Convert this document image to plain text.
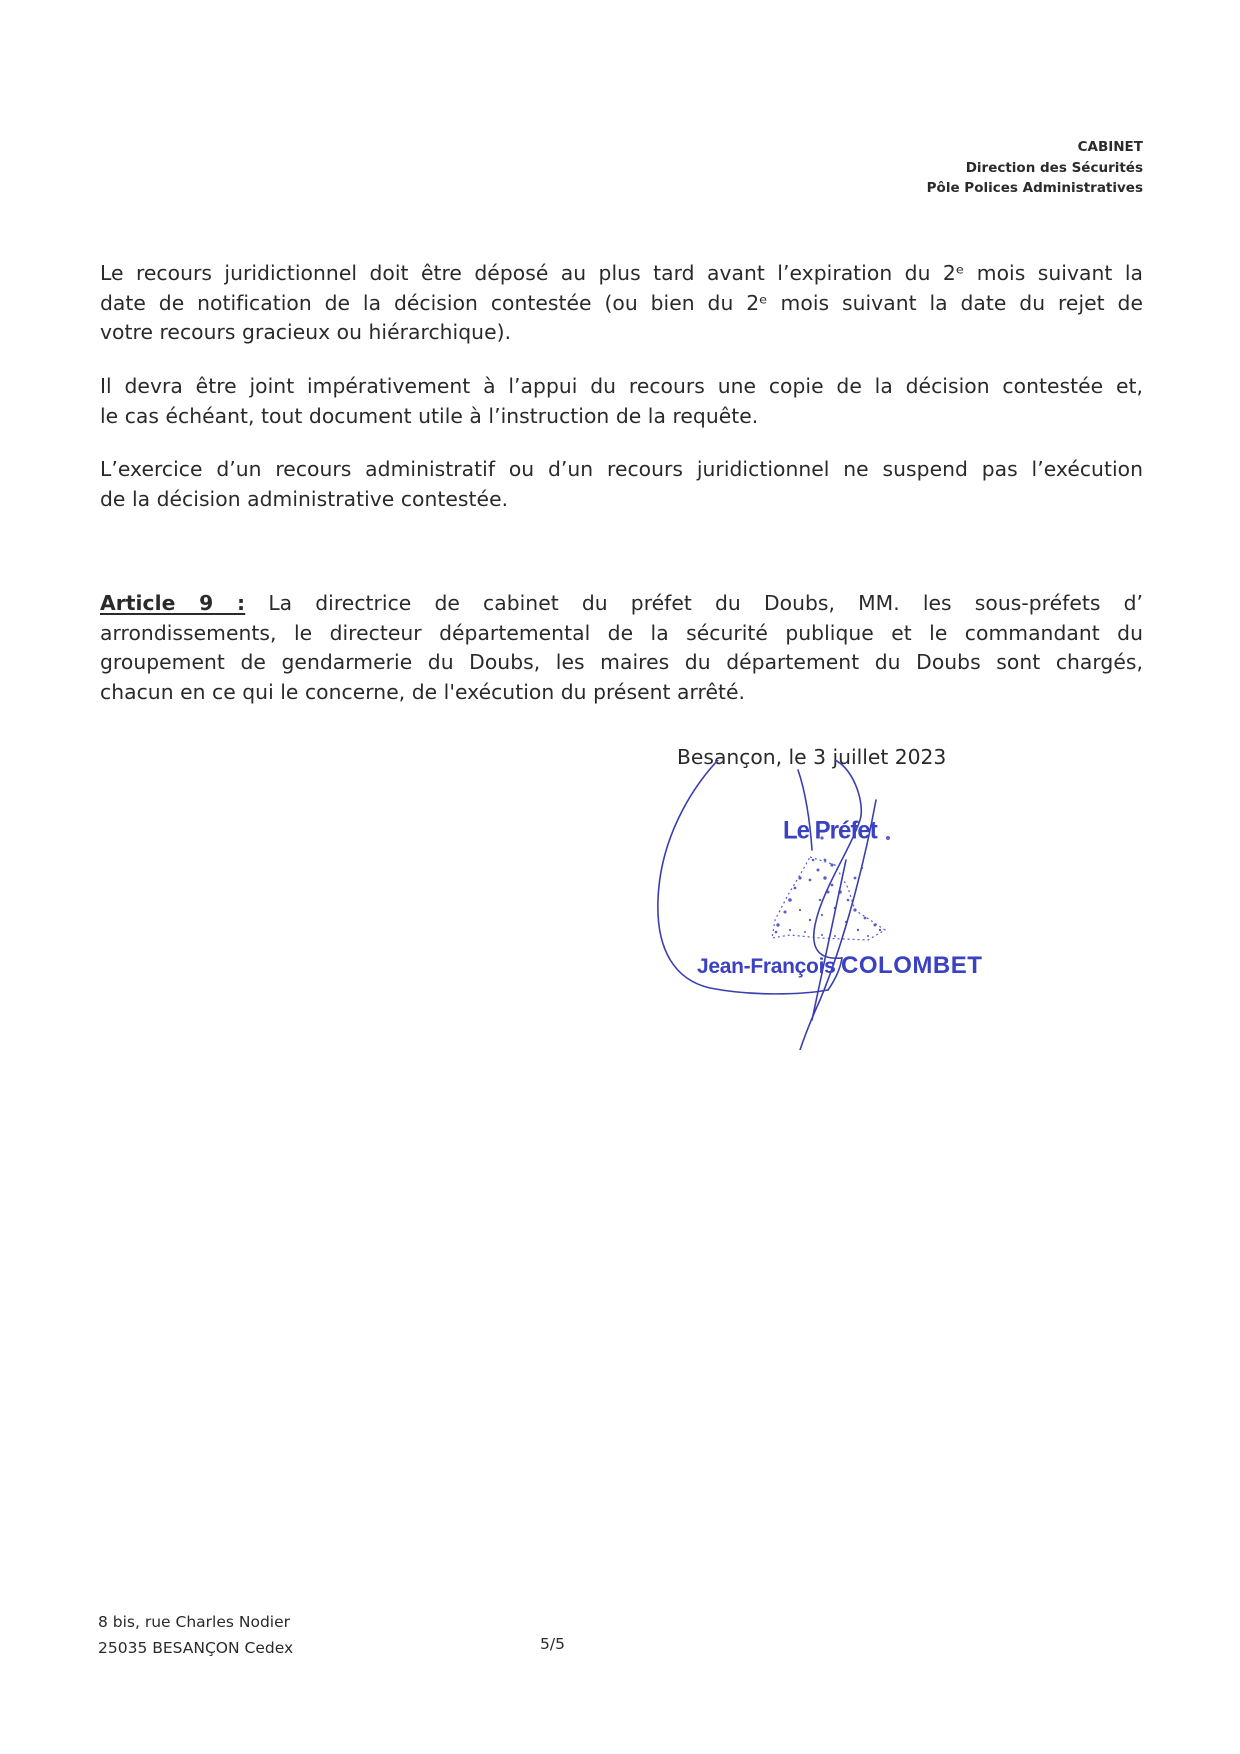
CABINET
Direction des Sécurités
Pôle Polices Administratives
Le recours juridictionnel doit être déposé au plus tard avant l’expiration du 2ᵉ mois suivant la
date de notification de la décision contestée (ou bien du 2ᵉ mois suivant la date du rejet de
votre recours gracieux ou hiérarchique).
Il devra être joint impérativement à l’appui du recours une copie de la décision contestée et,
le cas échéant, tout document utile à l’instruction de la requête.
L’exercice d’un recours administratif ou d’un recours juridictionnel ne suspend pas l’exécution
de la décision administrative contestée.
Article 9 : La directrice de cabinet du préfet du Doubs, MM. les sous-préfets d’
arrondissements, le directeur départemental de la sécurité publique et le commandant du
groupement de gendarmerie du Doubs, les maires du département du Doubs sont chargés,
chacun en ce qui le concerne, de l'exécution du présent arrêté.
Besançon, le 3 juillet 2023
Le Préfet
Jean-François COLOMBET
8 bis, rue Charles Nodier
25035 BESANÇON Cedex	5/5
